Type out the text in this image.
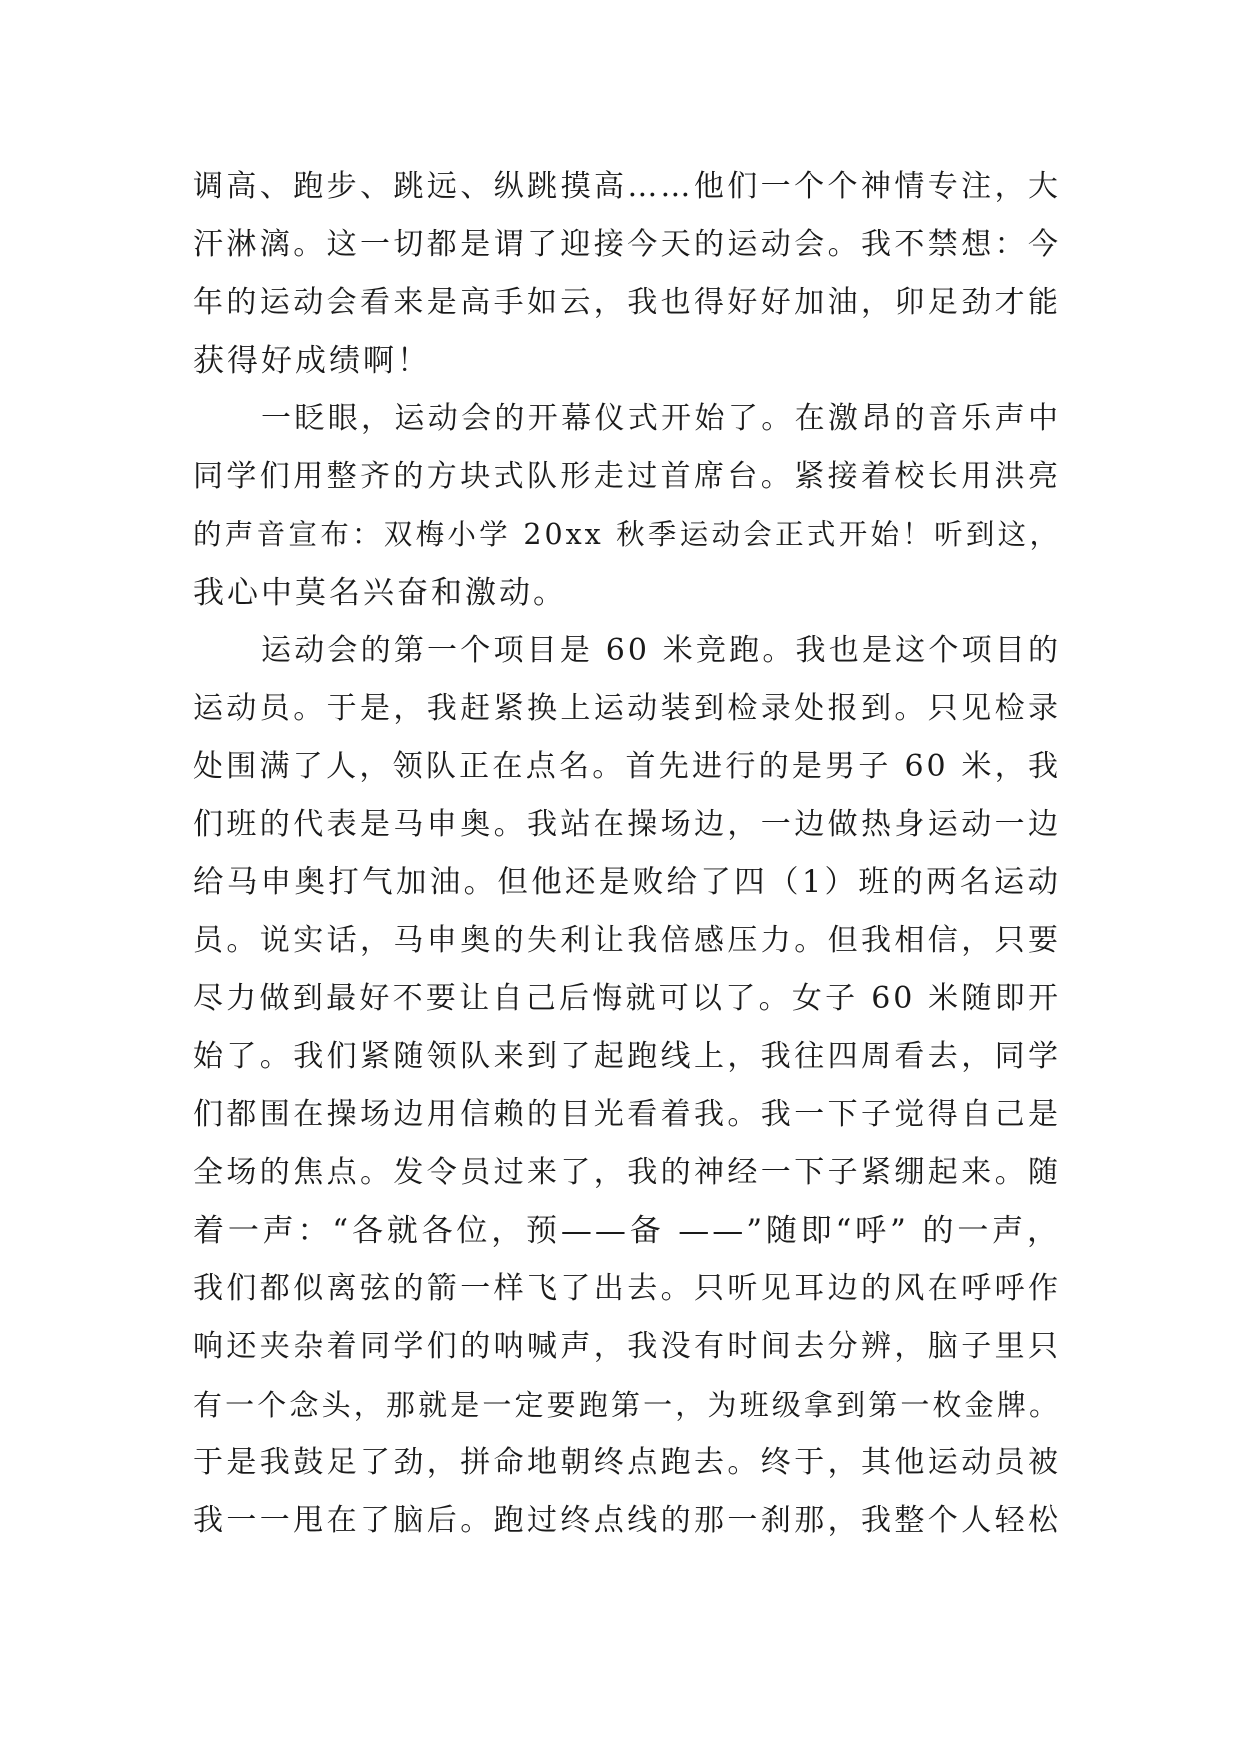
调高、跑步、跳远、纵跳摸高……他们一个个神情专注，大
汗淋漓。这一切都是谓了迎接今天的运动会。我不禁想：今
年的运动会看来是高手如云，我也得好好加油，卯足劲才能
获得好成绩啊！
一眨眼，运动会的开幕仪式开始了。在激昂的音乐声中
同学们用整齐的方块式队形走过首席台。紧接着校长用洪亮
的声音宣布：双梅小学 20xx 秋季运动会正式开始！听到这，
我心中莫名兴奋和激动。
运动会的第一个项目是 60 米竞跑。我也是这个项目的
运动员。于是，我赶紧换上运动装到检录处报到。只见检录
处围满了人，领队正在点名。首先进行的是男子 60 米，我
们班的代表是马申奥。我站在操场边，一边做热身运动一边
给马申奥打气加油。但他还是败给了四（1）班的两名运动
员。说实话，马申奥的失利让我倍感压力。但我相信，只要
尽力做到最好不要让自己后悔就可以了。女子 60 米随即开
始了。我们紧随领队来到了起跑线上，我往四周看去，同学
们都围在操场边用信赖的目光看着我。我一下子觉得自己是
全场的焦点。发令员过来了，我的神经一下子紧绷起来。随
着一声：“各就各位，预——备 ——”随即“呼” 的一声，
我们都似离弦的箭一样飞了出去。只听见耳边的风在呼呼作
响还夹杂着同学们的呐喊声，我没有时间去分辨，脑子里只
有一个念头，那就是一定要跑第一，为班级拿到第一枚金牌。
于是我鼓足了劲，拼命地朝终点跑去。终于，其他运动员被
我一一甩在了脑后。跑过终点线的那一刹那，我整个人轻松
